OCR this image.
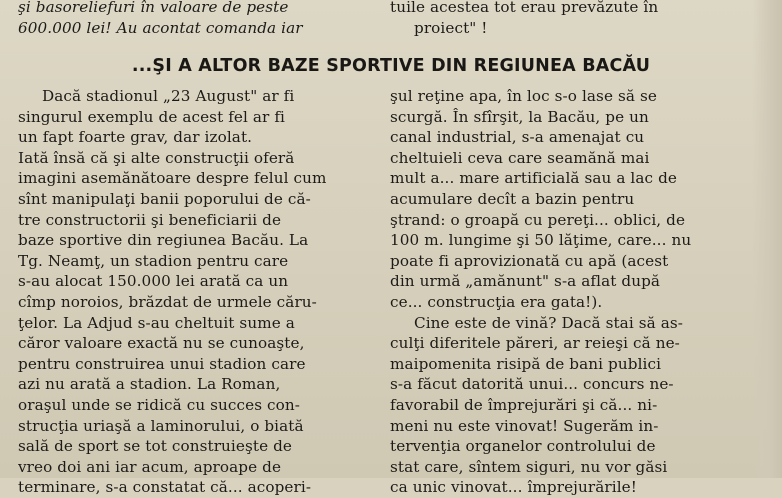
şi basoreliefuri în valoare de peste
600.000 lei! Au acontat comanda iar
tuile acestea tot erau prevăzute în
proiect" !
...ŞI A ALTOR BAZE SPORTIVE DIN REGIUNEA BACĂU
Dacă stadionul „23 August" ar fi
singurul exemplu de acest fel ar fi
un fapt foarte grav, dar izolat.
Iată însă că şi alte construcţii oferă
imagini asemănătoare despre felul cum
sînt manipulaţi banii poporului de că-
tre constructorii şi beneficiarii de
baze sportive din regiunea Bacău. La
Tg. Neamţ, un stadion pentru care
s-au alocat 150.000 lei arată ca un
cîmp noroios, brăzdat de urmele căru-
ţelor. La Adjud s-au cheltuit sume a
căror valoare exactă nu se cunoaşte,
pentru construirea unui stadion care
azi nu arată a stadion. La Roman,
oraşul unde se ridică cu succes con-
strucţia uriaşă a laminorului, o biată
sală de sport se tot construieşte de
vreo doi ani iar acum, aproape de
terminare, s-a constatat că... acoperi-
şul reţine apa, în loc s-o lase să se
scurgă. În sfîrşit, la Bacău, pe un
canal industrial, s-a amenajat cu
cheltuieli ceva care seamănă mai
mult a... mare artificială sau a lac de
acumulare decît a bazin pentru
ştrand: o groapă cu pereţi... oblici, de
100 m. lungime şi 50 lăţime, care... nu
poate fi aprovizionată cu apă (acest
din urmă „amănunt" s-a aflat după
ce... construcţia era gata!).
Cine este de vină? Dacă stai să as-
culţi diferitele păreri, ar reieşi că ne-
maipomenita risipă de bani publici
s-a făcut datorită unui... concurs ne-
favorabil de împrejurări şi că... ni-
meni nu este vinovat! Sugerăm in-
tervenţia organelor controlului de
stat care, sîntem siguri, nu vor găsi
ca unic vinovat... împrejurările!
